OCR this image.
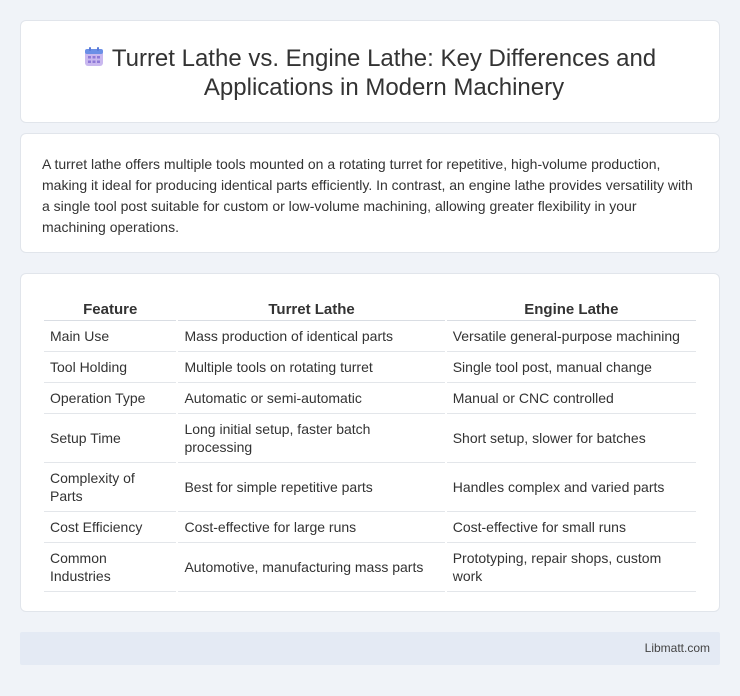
Turret Lathe vs. Engine Lathe: Key Differences and Applications in Modern Machinery

A turret lathe offers multiple tools mounted on a rotating turret for repetitive, high-volume production, making it ideal for producing identical parts efficiently. In contrast, an engine lathe provides versatility with a single tool post suitable for custom or low-volume machining, allowing greater flexibility in your machining operations.

Feature	Turret Lathe	Engine Lathe
Main Use	Mass production of identical parts	Versatile general-purpose machining
Tool Holding	Multiple tools on rotating turret	Single tool post, manual change
Operation Type	Automatic or semi-automatic	Manual or CNC controlled
Setup Time	Long initial setup, faster batch processing	Short setup, slower for batches
Complexity of Parts	Best for simple repetitive parts	Handles complex and varied parts
Cost Efficiency	Cost-effective for large runs	Cost-effective for small runs
Common Industries	Automotive, manufacturing mass parts	Prototyping, repair shops, custom work
Libmatt.com
